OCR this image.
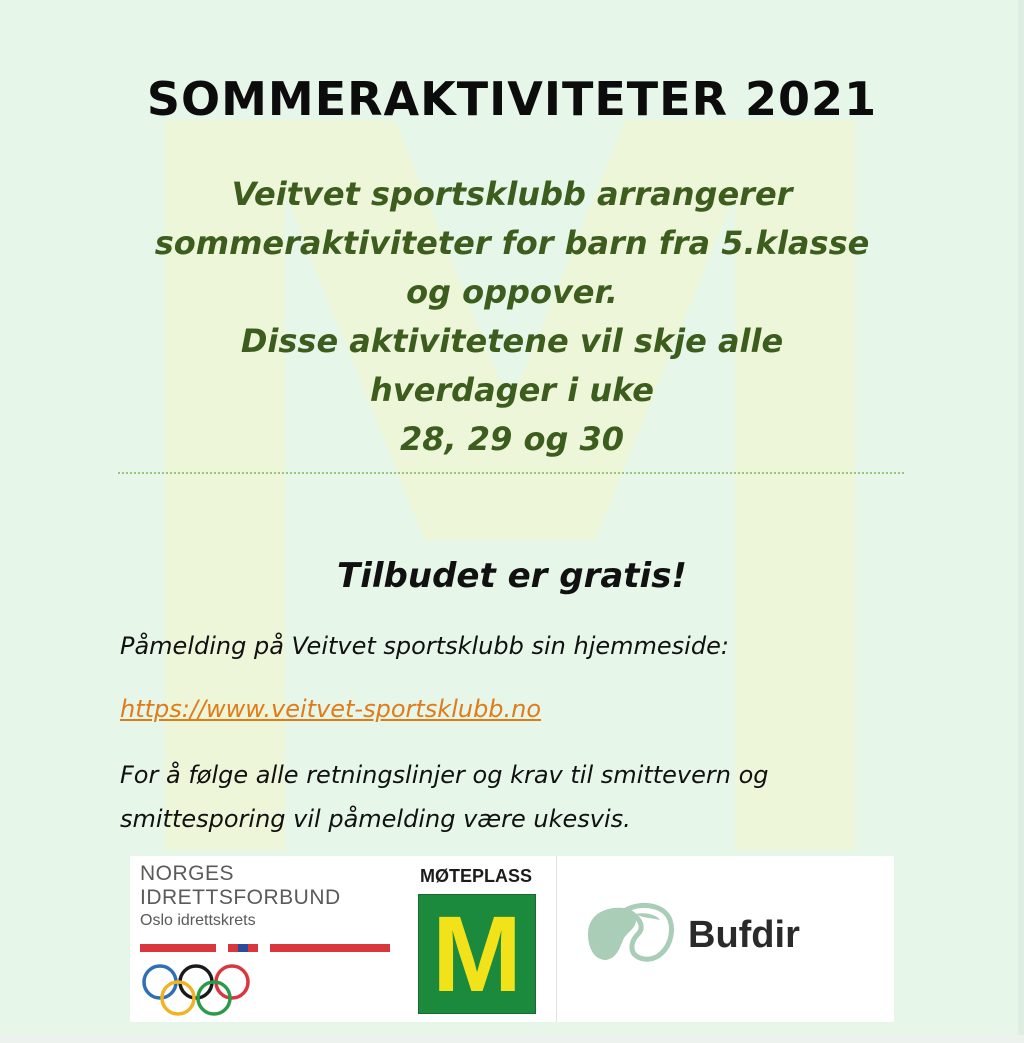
SOMMERAKTIVITETER 2021
Veitvet sportsklubb arrangerer
sommeraktiviteter for barn fra 5.klasse
og oppover.
Disse aktivitetene vil skje alle
hverdager i uke
28, 29 og 30
Tilbudet er gratis!
Påmelding på Veitvet sportsklubb sin hjemmeside:
https://www.veitvet-sportsklubb.no
For å følge alle retningslinjer og krav til smittevern og
smittesporing vil påmelding være ukesvis.
NORGES
IDRETTSFORBUND
Oslo idrettskrets
MØTEPLASS
M	Bufdir
